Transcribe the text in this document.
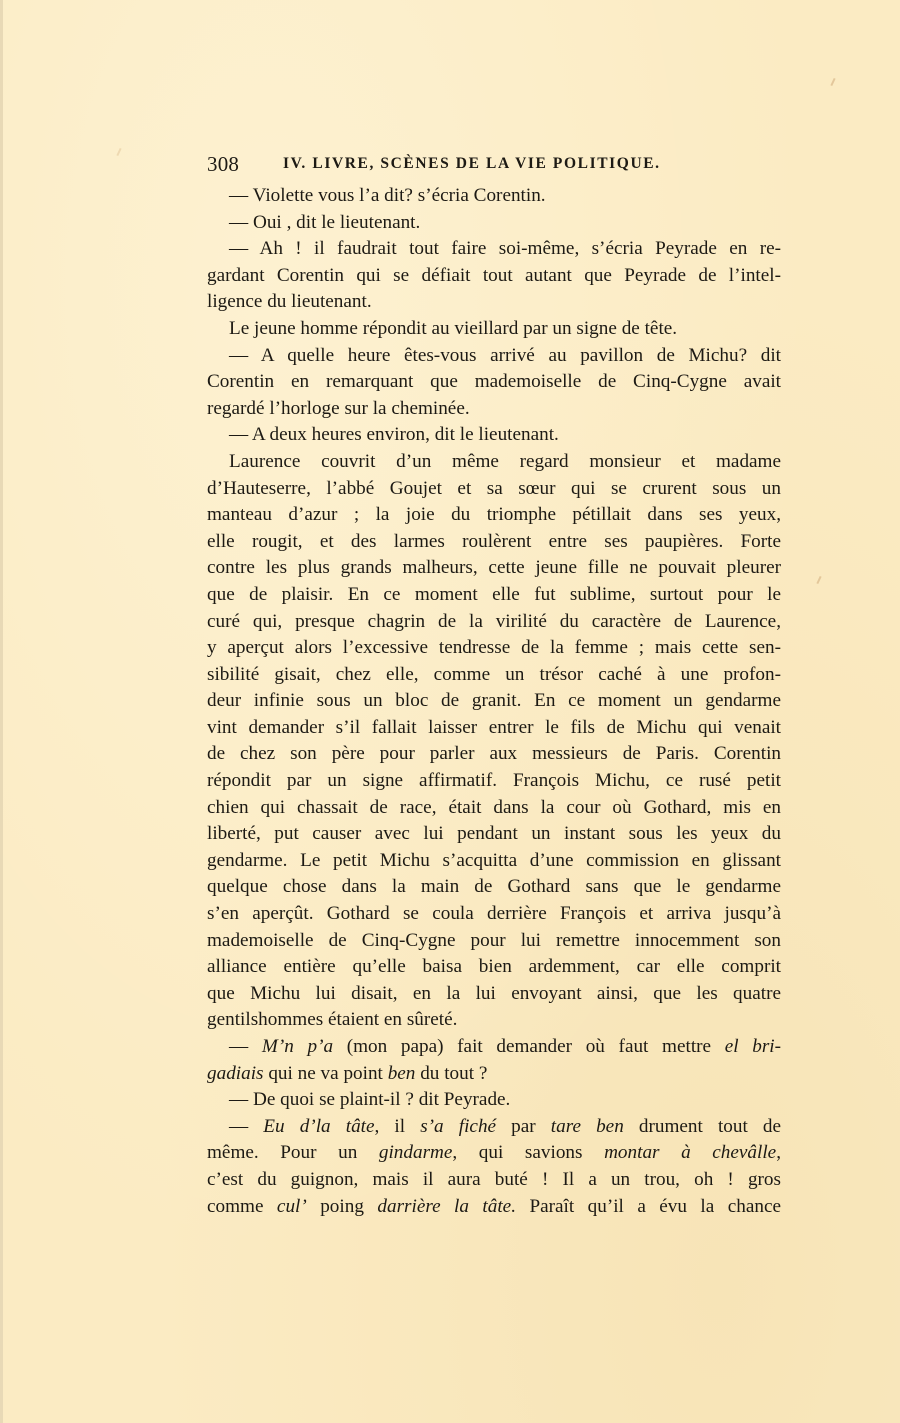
308	IV. LIVRE, SCÈNES DE LA VIE POLITIQUE.
— Violette vous l’a dit? s’écria Corentin.
— Oui , dit le lieutenant.
— Ah ! il faudrait tout faire soi-même, s’écria Peyrade en re-
gardant Corentin qui se défiait tout autant que Peyrade de l’intel-
ligence du lieutenant.
Le jeune homme répondit au vieillard par un signe de tête.
— A quelle heure êtes-vous arrivé au pavillon de Michu? dit
Corentin en remarquant que mademoiselle de Cinq-Cygne avait
regardé l’horloge sur la cheminée.
— A deux heures environ, dit le lieutenant.
Laurence couvrit d’un même regard monsieur et madame
d’Hauteserre, l’abbé Goujet et sa sœur qui se crurent sous un
manteau d’azur ; la joie du triomphe pétillait dans ses yeux,
elle rougit, et des larmes roulèrent entre ses paupières. Forte
contre les plus grands malheurs, cette jeune fille ne pouvait pleurer
que de plaisir. En ce moment elle fut sublime, surtout pour le
curé qui, presque chagrin de la virilité du caractère de Laurence,
y aperçut alors l’excessive tendresse de la femme ; mais cette sen-
sibilité gisait, chez elle, comme un trésor caché à une profon-
deur infinie sous un bloc de granit. En ce moment un gendarme
vint demander s’il fallait laisser entrer le fils de Michu qui venait
de chez son père pour parler aux messieurs de Paris. Corentin
répondit par un signe affirmatif. François Michu, ce rusé petit
chien qui chassait de race, était dans la cour où Gothard, mis en
liberté, put causer avec lui pendant un instant sous les yeux du
gendarme. Le petit Michu s’acquitta d’une commission en glissant
quelque chose dans la main de Gothard sans que le gendarme
s’en aperçût. Gothard se coula derrière François et arriva jusqu’à
mademoiselle de Cinq-Cygne pour lui remettre innocemment son
alliance entière qu’elle baisa bien ardemment, car elle comprit
que Michu lui disait, en la lui envoyant ainsi, que les quatre
gentilshommes étaient en sûreté.
— M’n p’a (mon papa) fait demander où faut mettre el bri-
gadiais qui ne va point ben du tout ?
— De quoi se plaint-il ? dit Peyrade.
— Eu d’la tâte, il s’a fiché par tare ben drument tout de
même. Pour un gindarme, qui savions montar à chevâlle,
c’est du guignon, mais il aura buté ! Il a un trou, oh ! gros
comme cul’ poing darrière la tâte. Paraît qu’il a évu la chance
